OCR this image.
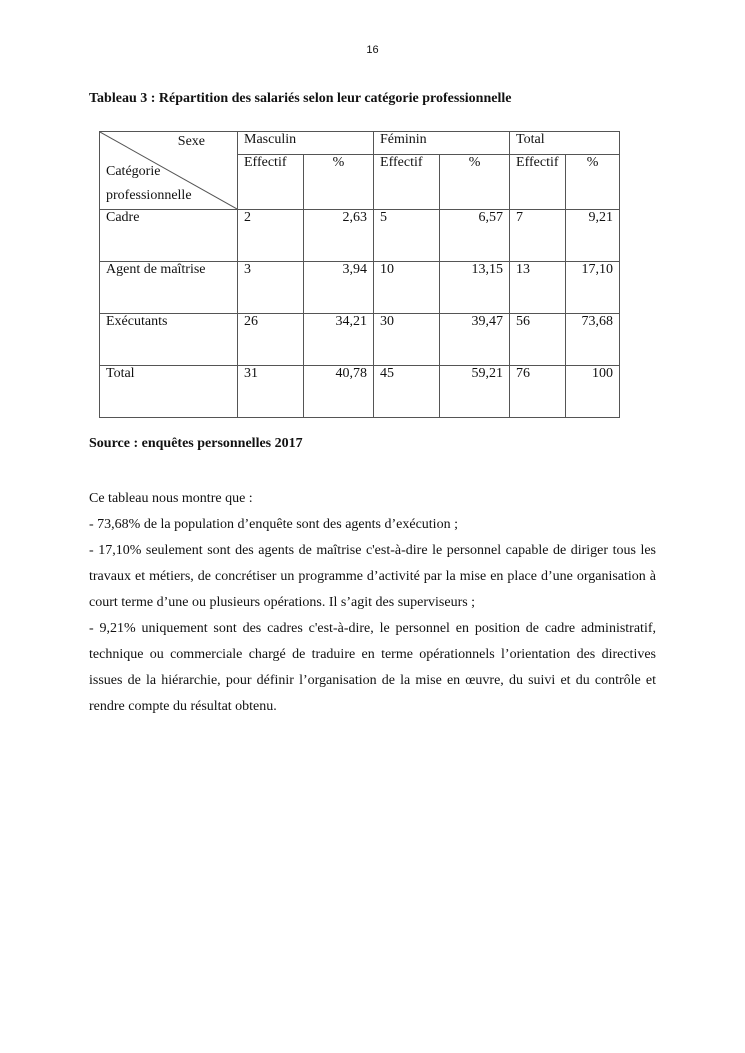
16
Tableau 3 : Répartition des salariés selon leur catégorie professionnelle
Sexe
Catégorie professionnelle	Masculin		Féminin		Total	
	Effectif	%	Effectif	%	Effectif	%
Cadre	2	2,63	5	6,57	7	9,21
Agent de maîtrise	3	3,94	10	13,15	13	17,10
Exécutants	26	34,21	30	39,47	56	73,68
Total	31	40,78	45	59,21	76	100
Source : enquêtes personnelles 2017

Ce tableau nous montre que :

- 73,68% de la population d’enquête sont des agents d’exécution ;

- 17,10% seulement sont des agents de maîtrise c'est-à-dire le personnel capable de diriger tous les travaux et métiers, de concrétiser un programme d’activité par la mise en place d’une organisation à court terme d’une ou plusieurs opérations. Il s’agit des superviseurs ;

- 9,21% uniquement sont des cadres c'est-à-dire, le personnel en position de cadre administratif, technique ou commerciale chargé de traduire en terme opérationnels l’orientation des directives issues de la hiérarchie, pour définir l’organisation de la mise en œuvre, du suivi et du contrôle et rendre compte du résultat obtenu.
